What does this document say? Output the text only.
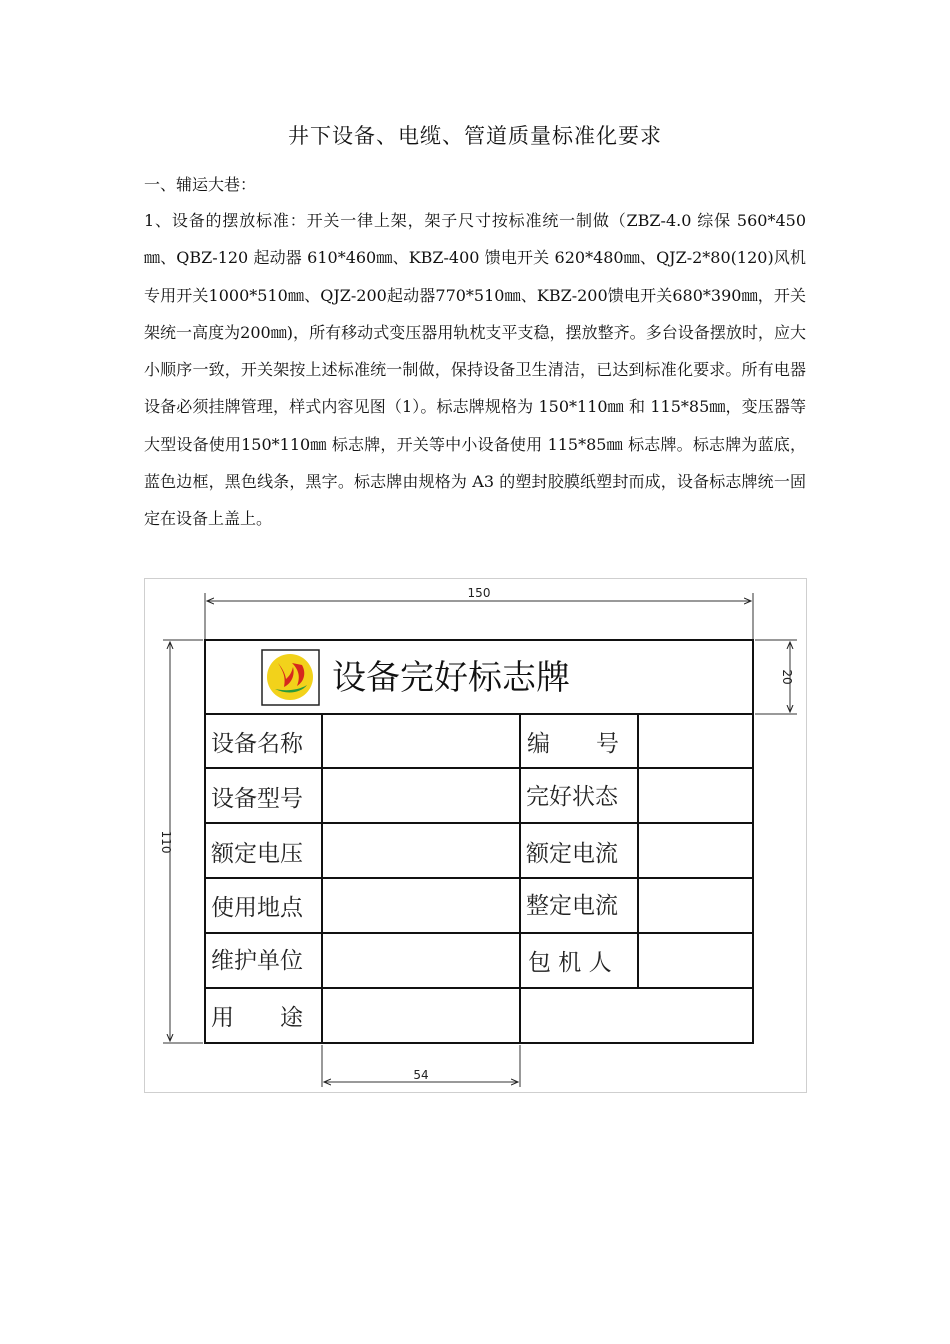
井下设备、电缆、管道质量标准化要求
一、辅运大巷：
1、设备的摆放标准：开关一律上架，架子尺寸按标准统一制做（ZBZ-4.0 综保 560*450㎜、QBZ-120 起动器 610*460㎜、KBZ-400 馈电开关 620*480㎜、QJZ-2*80(120)风机专用开关1000*510㎜、QJZ-200起动器770*510㎜、KBZ-200馈电开关680*390㎜，开关架统一高度为200㎜)，所有移动式变压器用轨枕支平支稳，摆放整齐。多台设备摆放时，应大小顺序一致，开关架按上述标准统一制做，保持设备卫生清洁，已达到标准化要求。所有电器设备必须挂牌管理，样式内容见图（1）。标志牌规格为 150*110㎜ 和 115*85㎜，变压器等大型设备使用150*110㎜ 标志牌，开关等中小设备使用 115*85㎜ 标志牌。标志牌为蓝底，蓝色边框，黑色线条，黑字。标志牌由规格为 A3 的塑封胶膜纸塑封而成，设备标志牌统一固定在设备上盖上。
150
110
20
54
设备完好标志牌
设备名称
设备型号
额定电压
使用地点
维护单位
用　　途
编　　号
完好状态
额定电流
整定电流
包 机 人
